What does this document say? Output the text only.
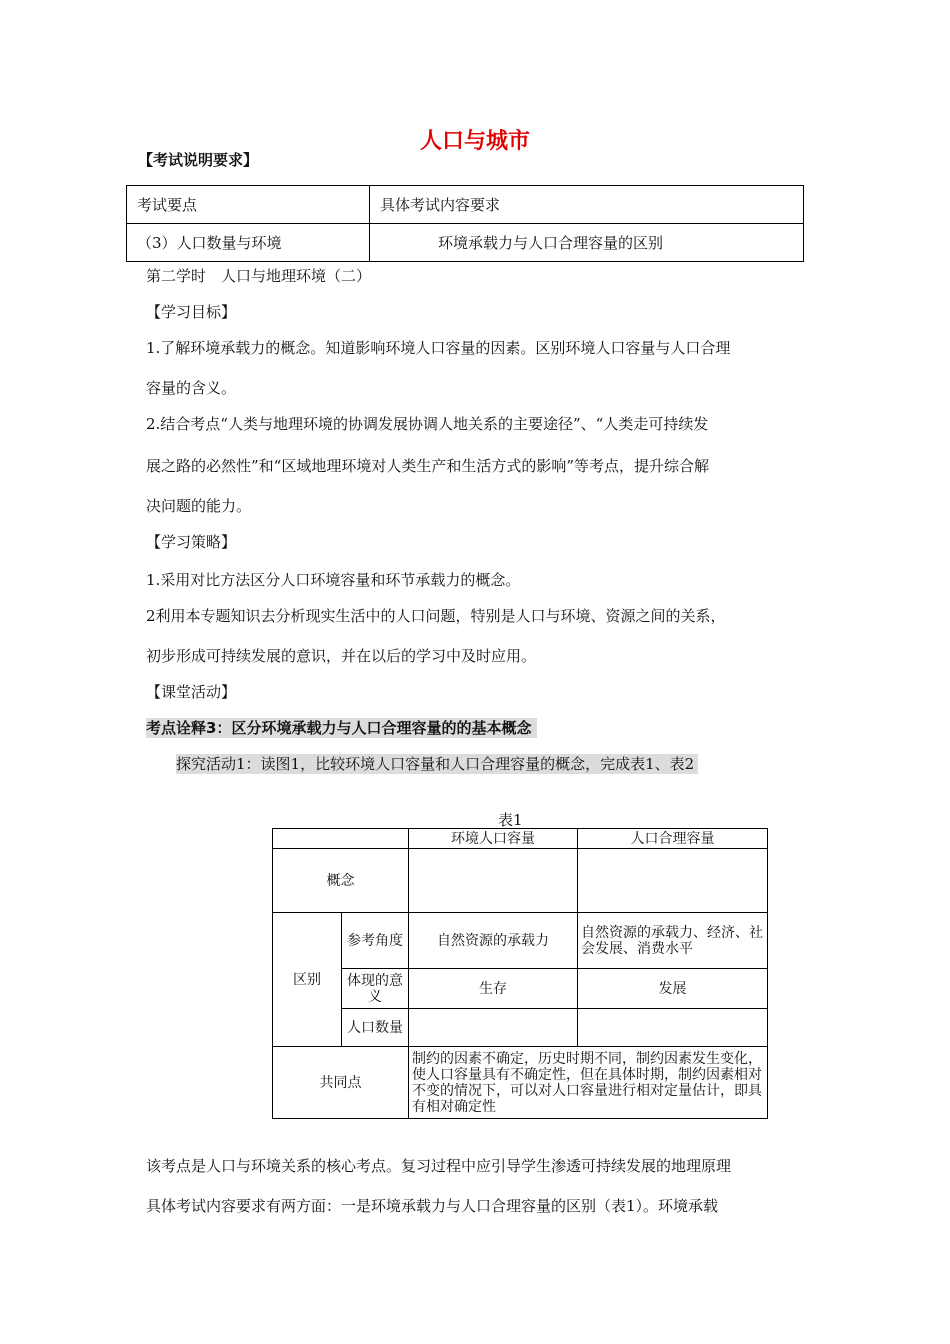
人口与城市
【考试说明要求】
考试要点	具体考试内容要求
（3）人口数量与环境	环境承载力与人口合理容量的区别
第二学时　人口与地理环境（二）
【学习目标】
1.了解环境承载力的概念。知道影响环境人口容量的因素。区别环境人口容量与人口合理
容量的含义。
2.结合考点“人类与地理环境的协调发展协调人地关系的主要途径”、“人类走可持续发
展之路的必然性”和“区域地理环境对人类生产和生活方式的影响”等考点，提升综合解
决问题的能力。
【学习策略】
1.采用对比方法区分人口环境容量和环节承载力的概念。
2利用本专题知识去分析现实生活中的人口问题，特别是人口与环境、资源之间的关系，
初步形成可持续发展的意识，并在以后的学习中及时应用。
【课堂活动】
考点诠释3：区分环境承载力与人口合理容量的的基本概念
探究活动1：读图1，比较环境人口容量和人口合理容量的概念，完成表1、表2
表1
		环境人口容量	人口合理容量
概念			
区别	参考角度	自然资源的承载力	自然资源的承载力、经济、社会发展、消费水平
	体现的意义	生存	发展
	人口数量		
共同点		制约的因素不确定，历史时期不同，制约因素发生变化，使人口容量具有不确定性，但在具体时期，制约因素相对不变的情况下，可以对人口容量进行相对定量估计，即具有相对确定性	
该考点是人口与环境关系的核心考点。复习过程中应引导学生渗透可持续发展的地理原理
具体考试内容要求有两方面：一是环境承载力与人口合理容量的区别（表1）。环境承载
